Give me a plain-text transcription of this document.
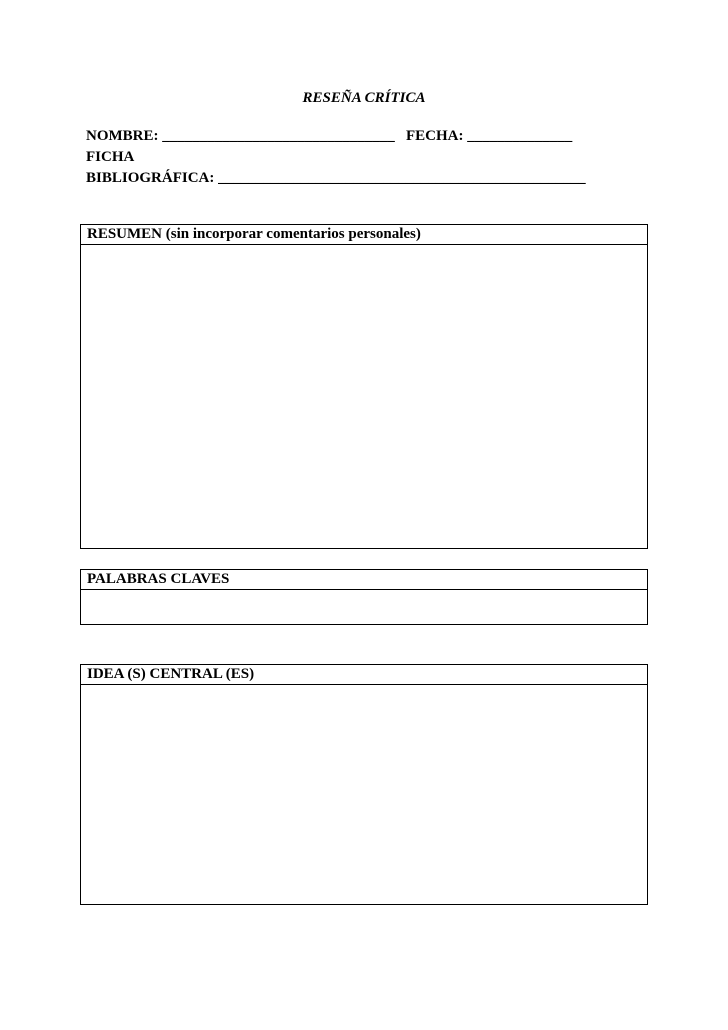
RESEÑA CRÍTICA
NOMBRE: _______________________________   FECHA: ______________
FICHA
BIBLIOGRÁFICA: _________________________________________________
RESUMEN (sin incorporar comentarios personales)
PALABRAS CLAVES
IDEA (S) CENTRAL (ES)
